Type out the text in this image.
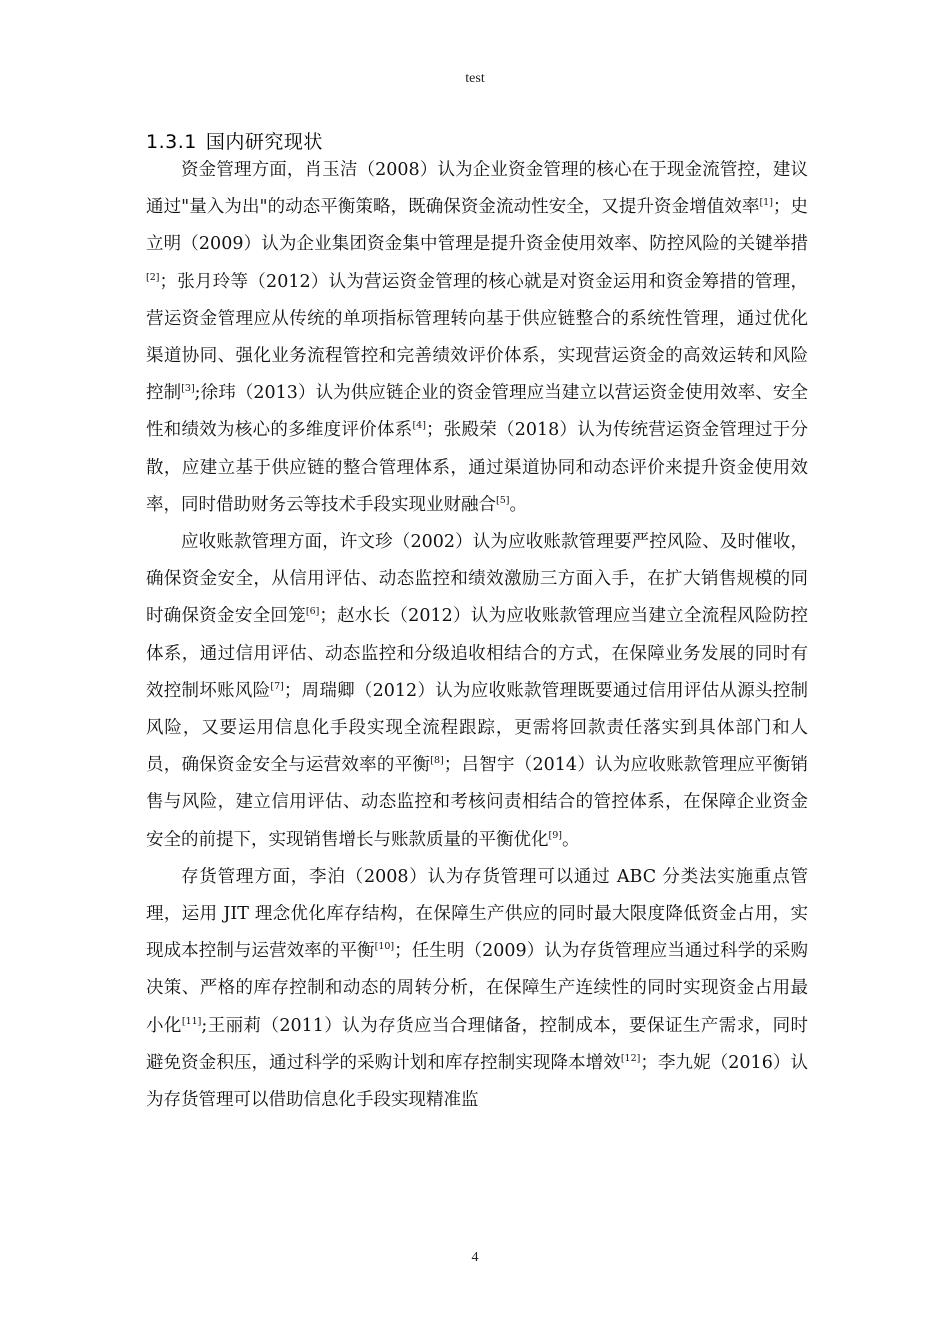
test
1.3.1 国内研究现状

资金管理方面，肖玉洁（2008）认为企业资金管理的核心在于现金流管控，建议通过"量入为出"的动态平衡策略，既确保资金流动性安全，又提升资金增值效率[1]；史立明（2009）认为企业集团资金集中管理是提升资金使用效率、防控风险的关键举措[2]；张月玲等（2012）认为营运资金管理的核心就是对资金运用和资金筹措的管理，营运资金管理应从传统的单项指标管理转向基于供应链整合的系统性管理，通过优化渠道协同、强化业务流程管控和完善绩效评价体系，实现营运资金的高效运转和风险控制[3];徐玮（2013）认为供应链企业的资金管理应当建立以营运资金使用效率、安全性和绩效为核心的多维度评价体系[4]；张殿荣（2018）认为传统营运资金管理过于分散，应建立基于供应链的整合管理体系，通过渠道协同和动态评价来提升资金使用效率，同时借助财务云等技术手段实现业财融合[5]。

应收账款管理方面，许文珍（2002）认为应收账款管理要严控风险、及时催收，确保资金安全，从信用评估、动态监控和绩效激励三方面入手，在扩大销售规模的同时确保资金安全回笼[6]；赵水长（2012）认为应收账款管理应当建立全流程风险防控体系，通过信用评估、动态监控和分级追收相结合的方式，在保障业务发展的同时有效控制坏账风险[7]；周瑞卿（2012）认为应收账款管理既要通过信用评估从源头控制风险，又要运用信息化手段实现全流程跟踪，更需将回款责任落实到具体部门和人员，确保资金安全与运营效率的平衡[8]；吕智宇（2014）认为应收账款管理应平衡销售与风险，建立信用评估、动态监控和考核问责相结合的管控体系，在保障企业资金安全的前提下，实现销售增长与账款质量的平衡优化[9]。

存货管理方面，李泊（2008）认为存货管理可以通过 ABC 分类法实施重点管理，运用 JIT 理念优化库存结构，在保障生产供应的同时最大限度降低资金占用，实现成本控制与运营效率的平衡[10]；任生明（2009）认为存货管理应当通过科学的采购决策、严格的库存控制和动态的周转分析，在保障生产连续性的同时实现资金占用最小化[11];王丽莉（2011）认为存货应当合理储备，控制成本，要保证生产需求，同时避免资金积压，通过科学的采购计划和库存控制实现降本增效[12]；李九妮（2016）认为存货管理可以借助信息化手段实现精准监

4
